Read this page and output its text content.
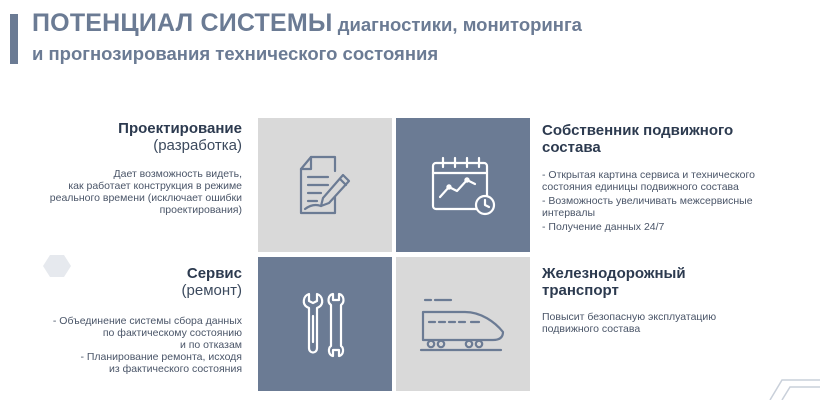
ПОТЕНЦИАЛ СИСТЕМЫ диагностики, мониторинга
и прогнозирования технического состояния
Проектирование
(разработка)
Дает возможность видеть,
как работает конструкция в режиме
реального времени (исключает ошибки
проектирования)
Собственник подвижного
состава
- Открытая картина сервиса и технического состояния единицы подвижного состава
- Возможность увеличивать межсервисные интервалы
- Получение данных 24/7
Сервис
(ремонт)
- Объединение системы сбора данных
по фактическому состоянию
и по отказам
- Планирование ремонта, исходя
из фактического состояния
Железнодорожный
транспорт
Повысит безопасную эксплуатацию
подвижного состава
